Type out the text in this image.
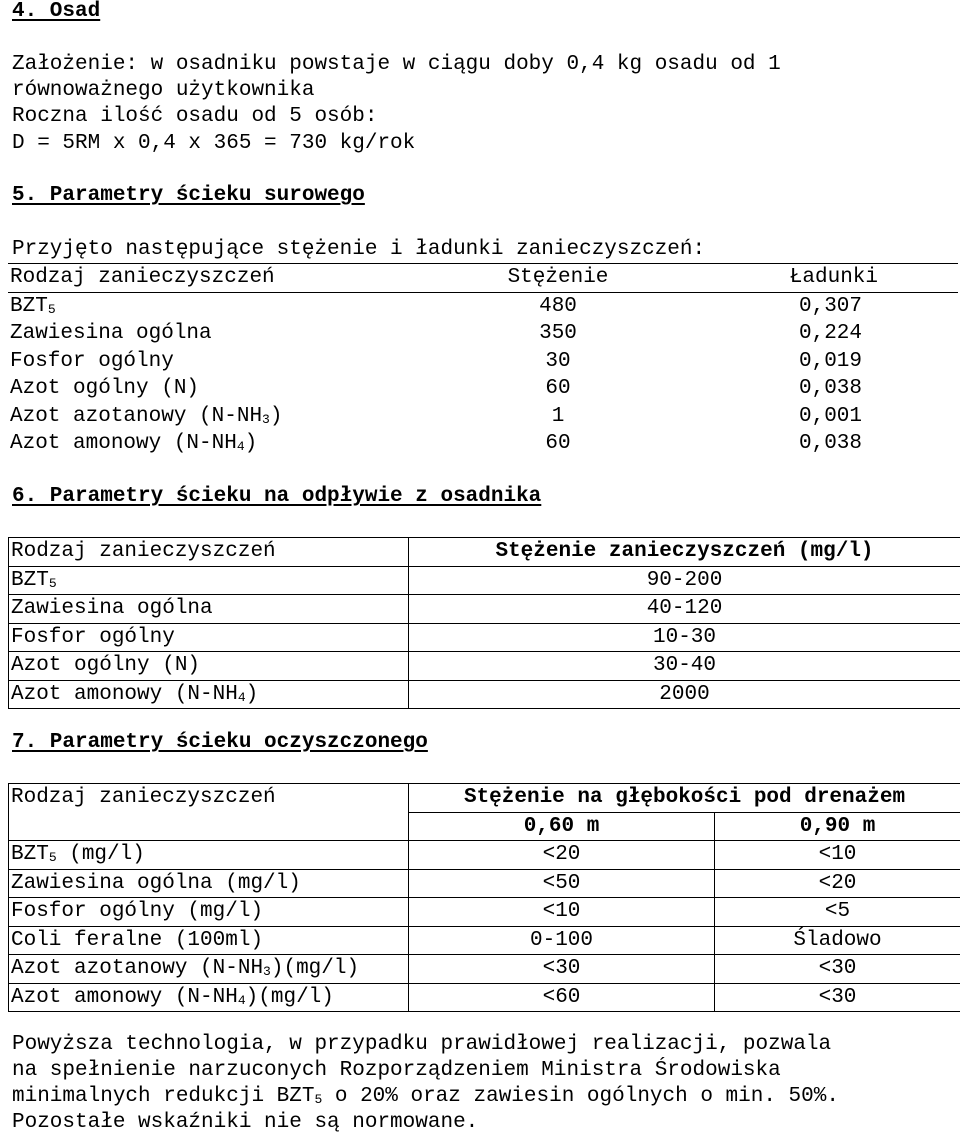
4. Osad
Założenie: w osadniku powstaje w ciągu doby 0,4 kg osadu od 1
równoważnego użytkownika
Roczna ilość osadu od 5 osób:
D = 5RM x 0,4 x 365 = 730 kg/rok
5. Parametry ścieku surowego
Przyjęto następujące stężenie i ładunki zanieczyszczeń:
Rodzaj zanieczyszczeń	Stężenie	Ładunki
$BZT_5$	480	0,307
Zawiesina ogólna	350	0,224
Fosfor ogólny	30	0,019
Azot ogólny (N)	60	0,038
Azot azotanowy $(N-NH_3)$	1	0,001
Azot amonowy $(N-NH_4)$	60	0,038
6. Parametry ścieku na odpływie z osadnika
Rodzaj zanieczyszczeń	Stężenie zanieczyszczeń (mg/l)
$BZT_5$	90-200
Zawiesina ogólna	40-120
Fosfor ogólny	10-30
Azot ogólny (N)	30-40
Azot amonowy $(N-NH_4)$	2000
7. Parametry ścieku oczyszczonego
Rodzaj zanieczyszczeń	Stężenie na głębokości pod drenażem	
	0,60 m	0,90 m
$BZT_5$ (mg/l)	<20	<10
Zawiesina ogólna (mg/l)	<50	<20
Fosfor ogólny (mg/l)	<10	<5
Coli feralne (100ml)	0-100	Śladowo
Azot azotanowy $(N-NH_3)(mg/l)$	<30	<30
Azot amonowy $(N-NH_4)(mg/l)$	<60	<30
Powyższa technologia, w przypadku prawidłowej realizacji, pozwala
na spełnienie narzuconych Rozporządzeniem Ministra Środowiska
minimalnych redukcji $BZT_5$ o 20% oraz zawiesin ogólnych o min. 50%.
Pozostałe wskaźniki nie są normowane.
